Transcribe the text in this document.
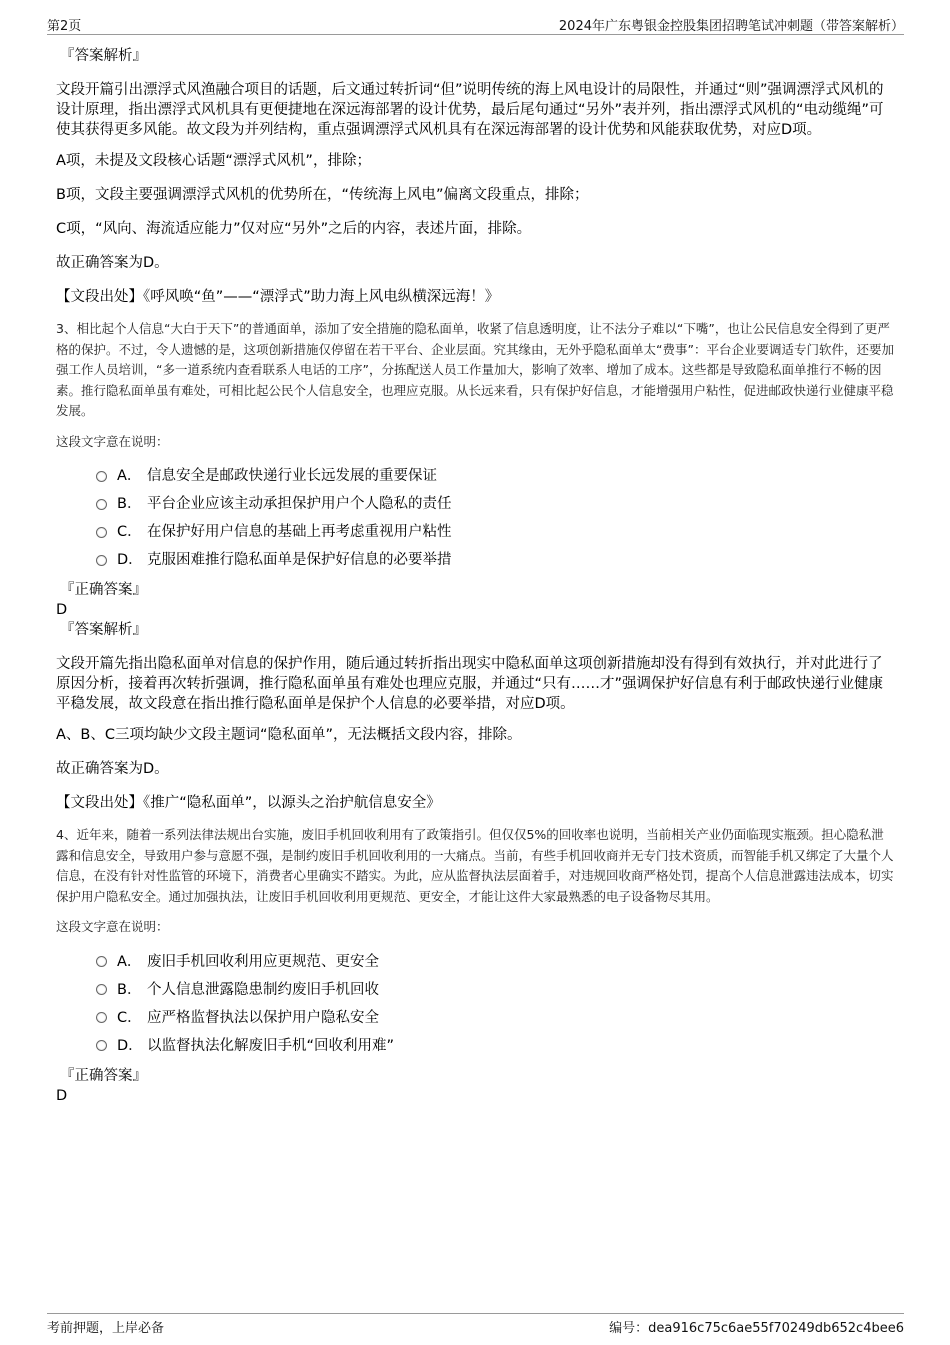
第2页	2024年广东粤银金控股集团招聘笔试冲刺题（带答案解析）

『答案解析』

文段开篇引出漂浮式风渔融合项目的话题，后文通过转折词“但”说明传统的海上风电设计的局限性，并通过“则”强调漂浮式风机的设计原理，指出漂浮式风机具有更便捷地在深远海部署的设计优势，最后尾句通过“另外”表并列，指出漂浮式风机的“电动缆绳”可使其获得更多风能。故文段为并列结构，重点强调漂浮式风机具有在深远海部署的设计优势和风能获取优势，对应D项。

A项，未提及文段核心话题“漂浮式风机”，排除；

B项，文段主要强调漂浮式风机的优势所在，“传统海上风电”偏离文段重点，排除；

C项，“风向、海流适应能力”仅对应“另外”之后的内容，表述片面，排除。

故正确答案为D。

【文段出处】《呼风唤“鱼”——“漂浮式”助力海上风电纵横深远海！》

3、相比起个人信息“大白于天下”的普通面单，添加了安全措施的隐私面单，收紧了信息透明度，让不法分子难以“下嘴”，也让公民信息安全得到了更严格的保护。不过，令人遗憾的是，这项创新措施仅停留在若干平台、企业层面。究其缘由，无外乎隐私面单太“费事”：平台企业要调适专门软件，还要加强工作人员培训，“多一道系统内查看联系人电话的工序”，分拣配送人员工作量加大，影响了效率、增加了成本。这些都是导致隐私面单推行不畅的因素。推行隐私面单虽有难处，可相比起公民个人信息安全，也理应克服。从长远来看，只有保护好信息，才能增强用户粘性，促进邮政快递行业健康平稳发展。

这段文字意在说明：

A． 信息安全是邮政快递行业长远发展的重要保证
B． 平台企业应该主动承担保护用户个人隐私的责任
C． 在保护好用户信息的基础上再考虑重视用户粘性
D． 克服困难推行隐私面单是保护好信息的必要举措

『正确答案』

D

『答案解析』

文段开篇先指出隐私面单对信息的保护作用，随后通过转折指出现实中隐私面单这项创新措施却没有得到有效执行，并对此进行了原因分析，接着再次转折强调，推行隐私面单虽有难处也理应克服，并通过“只有……才”强调保护好信息有利于邮政快递行业健康平稳发展，故文段意在指出推行隐私面单是保护个人信息的必要举措，对应D项。

A、B、C三项均缺少文段主题词“隐私面单”，无法概括文段内容，排除。

故正确答案为D。

【文段出处】《推广“隐私面单”，以源头之治护航信息安全》

4、近年来，随着一系列法律法规出台实施，废旧手机回收利用有了政策指引。但仅仅5%的回收率也说明，当前相关产业仍面临现实瓶颈。担心隐私泄露和信息安全，导致用户参与意愿不强，是制约废旧手机回收利用的一大痛点。当前，有些手机回收商并无专门技术资质，而智能手机又绑定了大量个人信息，在没有针对性监管的环境下，消费者心里确实不踏实。为此，应从监督执法层面着手，对违规回收商严格处罚，提高个人信息泄露违法成本，切实保护用户隐私安全。通过加强执法，让废旧手机回收利用更规范、更安全，才能让这件大家最熟悉的电子设备物尽其用。

这段文字意在说明：

A． 废旧手机回收利用应更规范、更安全
B． 个人信息泄露隐患制约废旧手机回收
C． 应严格监督执法以保护用户隐私安全
D． 以监督执法化解废旧手机“回收利用难”

『正确答案』

D

考前押题，上岸必备	编号：dea916c75c6ae55f70249db652c4bee6
